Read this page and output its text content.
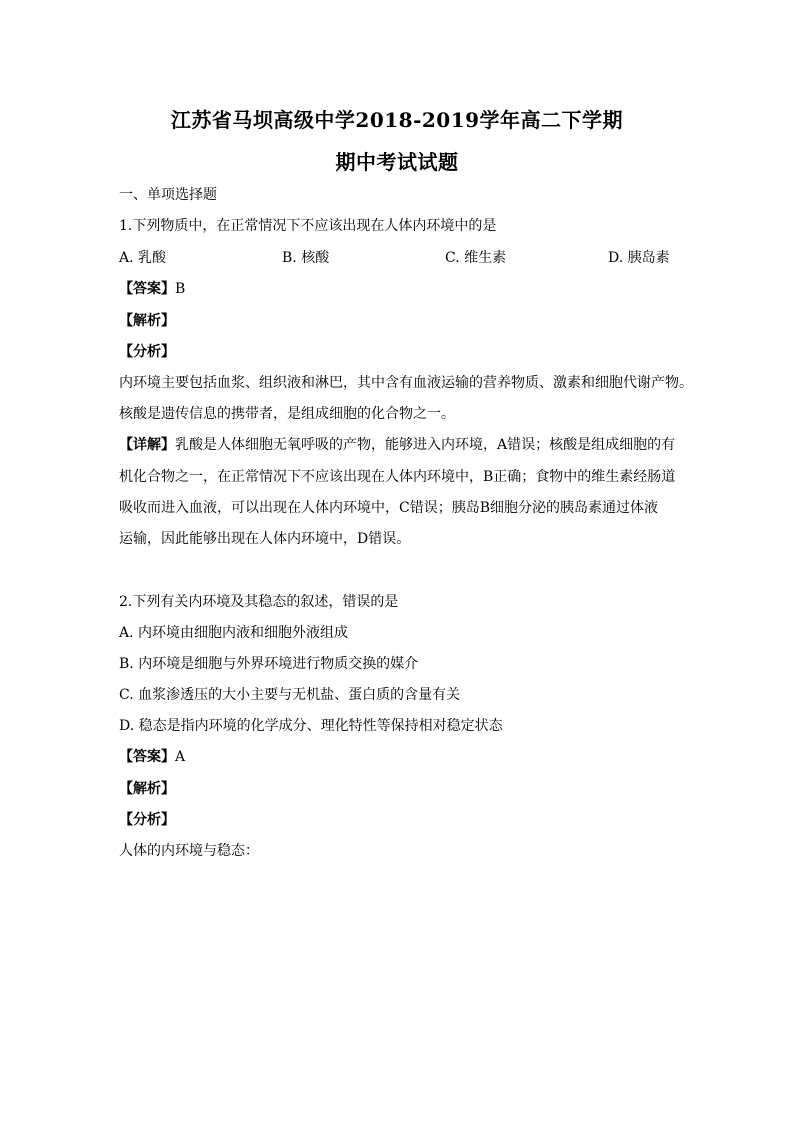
江苏省马坝高级中学2018-2019学年高二下学期
期中考试试题
一、单项选择题
1.下列物质中，在正常情况下不应该出现在人体内环境中的是
A. 乳酸	B. 核酸	C. 维生素	D. 胰岛素
【答案】B
【解析】
【分析】
内环境主要包括血浆、组织液和淋巴，其中含有血液运输的营养物质、激素和细胞代谢产物。
核酸是遗传信息的携带者，是组成细胞的化合物之一。
【详解】乳酸是人体细胞无氧呼吸的产物，能够进入内环境，A错误；核酸是组成细胞的有
机化合物之一，在正常情况下不应该出现在人体内环境中，B正确；食物中的维生素经肠道
吸收而进入血液，可以出现在人体内环境中，C错误；胰岛B细胞分泌的胰岛素通过体液
运输，因此能够出现在人体内环境中，D错误。
2.下列有关内环境及其稳态的叙述，错误的是
A. 内环境由细胞内液和细胞外液组成
B. 内环境是细胞与外界环境进行物质交换的媒介
C. 血浆渗透压的大小主要与无机盐、蛋白质的含量有关
D. 稳态是指内环境的化学成分、理化特性等保持相对稳定状态
【答案】A
【解析】
【分析】
人体的内环境与稳态：
